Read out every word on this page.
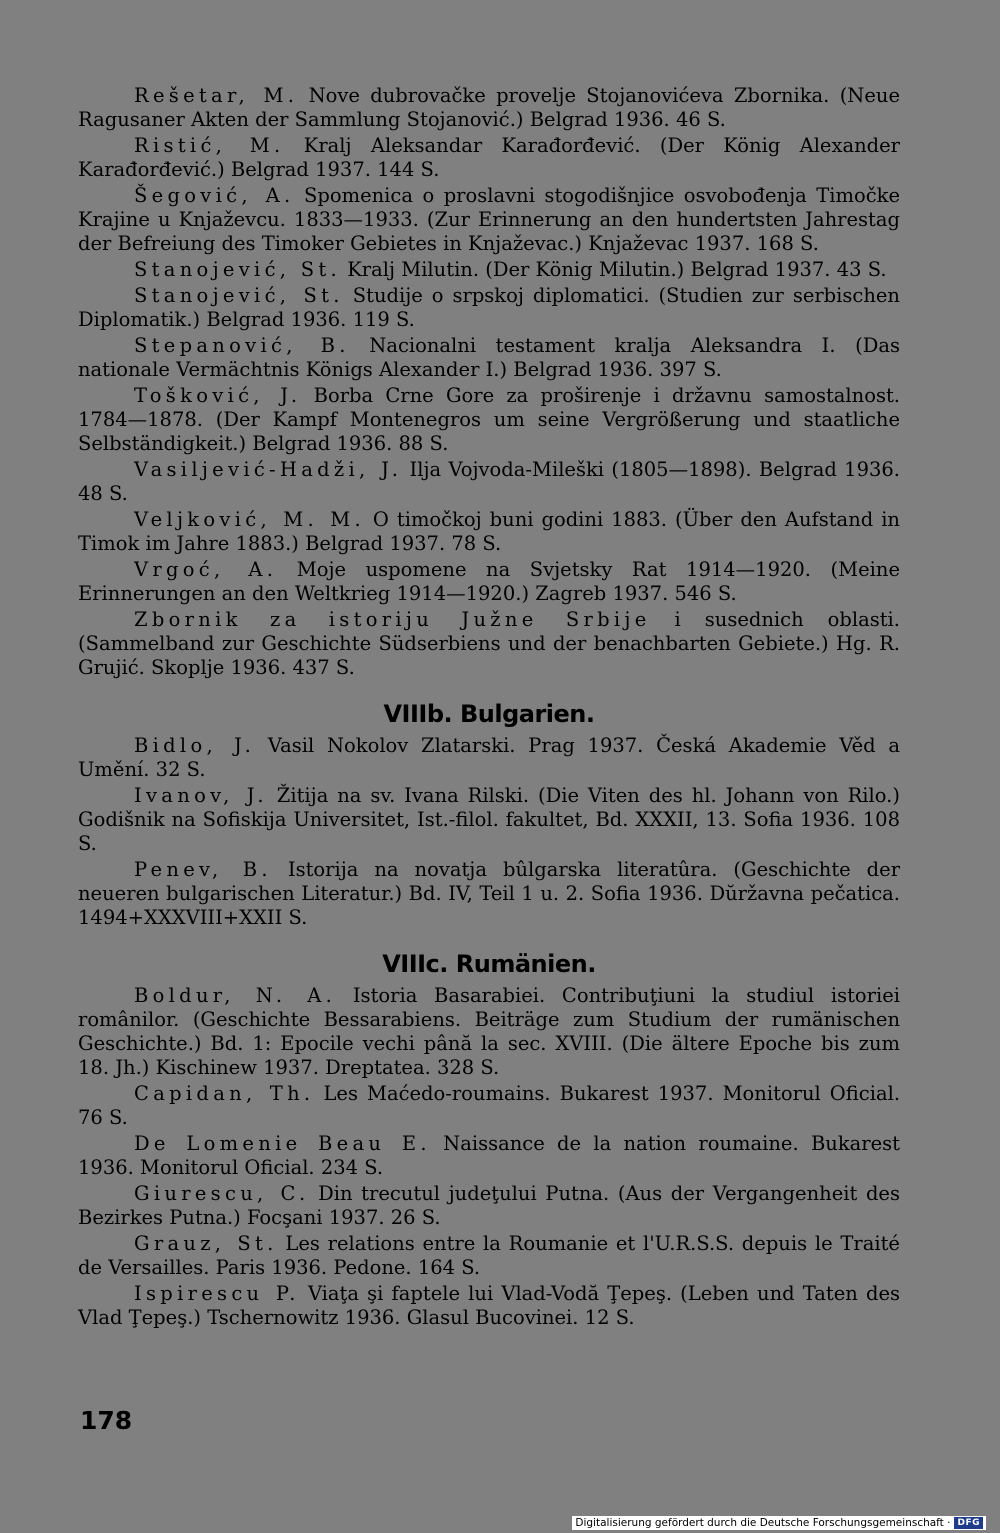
Rešetar, M. Nove dubrovačke provelje Stojanovićeva Zbornika. (Neue Ragusaner Akten der Sammlung Stojanović.) Belgrad 1936. 46 S.

Ristić, M. Kralj Aleksandar Karađorđević. (Der König Alexander Karađorđević.) Belgrad 1937. 144 S.

Šegović, A. Spomenica o proslavni stogodišnjice osvobođenja Timočke Krajine u Knjaževcu. 1833—1933. (Zur Erinnerung an den hundertsten Jahrestag der Befreiung des Timoker Gebietes in Knjaževac.) Knjaževac 1937. 168 S.

Stanojević, St. Kralj Milutin. (Der König Milutin.) Belgrad 1937. 43 S.

Stanojević, St. Studije o srpskoj diplomatici. (Studien zur serbischen Diplomatik.) Belgrad 1936. 119 S.

Stepanović, B. Nacionalni testament kralja Aleksandra I. (Das nationale Vermächtnis Königs Alexander I.) Belgrad 1936. 397 S.

Tošković, J. Borba Crne Gore za proširenje i državnu samostalnost. 1784—1878. (Der Kampf Montenegros um seine Vergrößerung und staatliche Selbständigkeit.) Belgrad 1936. 88 S.

Vasiljević-Hadži, J. Ilja Vojvoda-Mileški (1805—1898). Belgrad 1936. 48 S.

Veljković, M. M. O timočkoj buni godini 1883. (Über den Aufstand in Timok im Jahre 1883.) Belgrad 1937. 78 S.

Vrgoć, A. Moje uspomene na Svjetsky Rat 1914—1920. (Meine Erinnerungen an den Weltkrieg 1914—1920.) Zagreb 1937. 546 S.

Zbornik za istoriju Južne Srbije i susednich oblasti. (Sammelband zur Geschichte Südserbiens und der benachbarten Gebiete.) Hg. R. Grujić. Skoplje 1936. 437 S.

VIIIb. Bulgarien.

Bidlo, J. Vasil Nokolov Zlatarski. Prag 1937. Česká Akademie Věd a Umění. 32 S.

Ivanov, J. Žitija na sv. Ivana Rilski. (Die Viten des hl. Johann von Rilo.) Godišnik na Sofiskija Universitet, Ist.-filol. fakultet, Bd. XXXII, 13. Sofia 1936. 108 S.

Penev, B. Istorija na novatja bûlgarska literatûra. (Geschichte der neueren bulgarischen Literatur.) Bd. IV, Teil 1 u. 2. Sofia 1936. Dŭržavna pečatica. 1494+XXXVIII+XXII S.

VIIIc. Rumänien.

Boldur, N. A. Istoria Basarabiei. Contribuţiuni la studiul istoriei românilor. (Geschichte Bessarabiens. Beiträge zum Studium der rumänischen Geschichte.) Bd. 1: Epocile vechi până la sec. XVIII. (Die ältere Epoche bis zum 18. Jh.) Kischinew 1937. Dreptatea. 328 S.

Capidan, Th. Les Maćedo-roumains. Bukarest 1937. Monitorul Oficial. 76 S.

De Lomenie Beau E. Naissance de la nation roumaine. Bukarest 1936. Monitorul Oficial. 234 S.

Giurescu, C. Din trecutul judeţului Putna. (Aus der Vergangenheit des Bezirkes Putna.) Focşani 1937. 26 S.

Grauz, St. Les relations entre la Roumanie et l'U.R.S.S. depuis le Traité de Versailles. Paris 1936. Pedone. 164 S.

Ispirescu P. Viaţa şi faptele lui Vlad-Vodă Ţepeş. (Leben und Taten des Vlad Ţepeş.) Tschernowitz 1936. Glasul Bucovinei. 12 S.

178
Digitalisierung gefördert durch die Deutsche Forschungsgemeinschaft · DFG
